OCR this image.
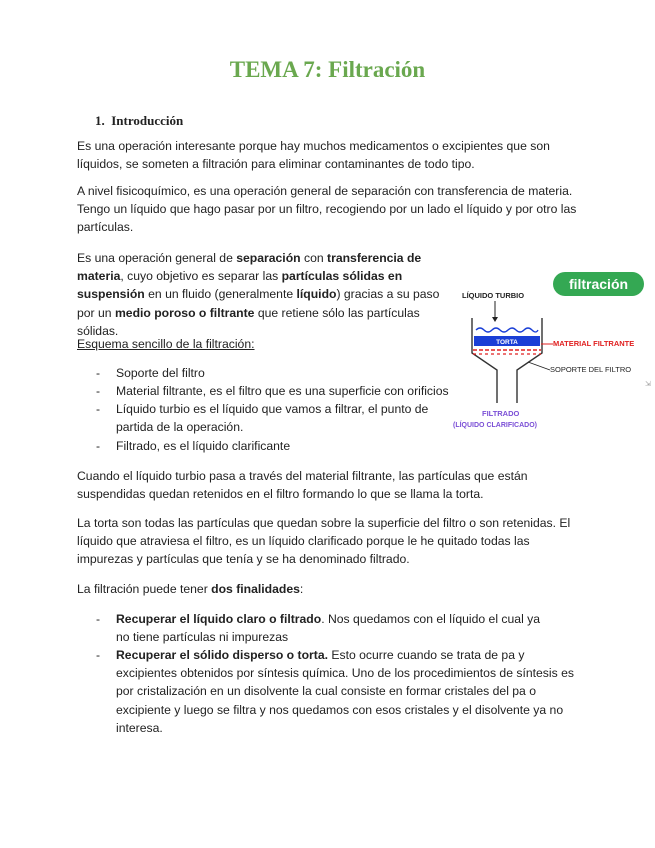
TEMA 7: Filtración
1. Introducción

Es una operación interesante porque hay muchos medicamentos o excipientes que son líquidos, se someten a filtración para eliminar contaminantes de todo tipo.

A nivel fisicoquímico, es una operación general de separación con transferencia de materia. Tengo un líquido que hago pasar por un filtro, recogiendo por un lado el líquido y por otro las partículas.

Es una operación general de separación con transferencia de materia, cuyo objetivo es separar las partículas sólidas en suspensión en un fluido (generalmente líquido) gracias a su paso por un medio poroso o filtrante que retiene sólo las partículas sólidas.

Esquema sencillo de la filtración:

- Soporte del filtro
- Material filtrante, es el filtro que es una superficie con orificios
- Líquido turbio es el líquido que vamos a filtrar, el punto de partida de la operación.
- Filtrado, es el líquido clarificante

Cuando el líquido turbio pasa a través del material filtrante, las partículas que están suspendidas quedan retenidos en el filtro formando lo que se llama la torta.

La torta son todas las partículas que quedan sobre la superficie del filtro o son retenidas. El líquido que atraviesa el filtro, es un líquido clarificado porque le he quitado todas las impurezas y partículas que tenía y se ha denominado filtrado.

La filtración puede tener dos finalidades:

- Recuperar el líquido claro o filtrado. Nos quedamos con el líquido el cual ya no tiene partículas ni impurezas
- Recuperar el sólido disperso o torta. Esto ocurre cuando se trata de pa y excipientes obtenidos por síntesis química. Uno de los procedimientos de síntesis es por cristalización en un disolvente la cual consiste en formar cristales del pa o excipiente y luego se filtra y nos quedamos con esos cristales y el disolvente ya no interesa.
filtración
LÍQUIDO TURBIO
TORTA	MATERIAL FILTRANTE
SOPORTE DEL FILTRO
FILTRADO
(LÍQUIDO CLARIFICADO)
⇲
